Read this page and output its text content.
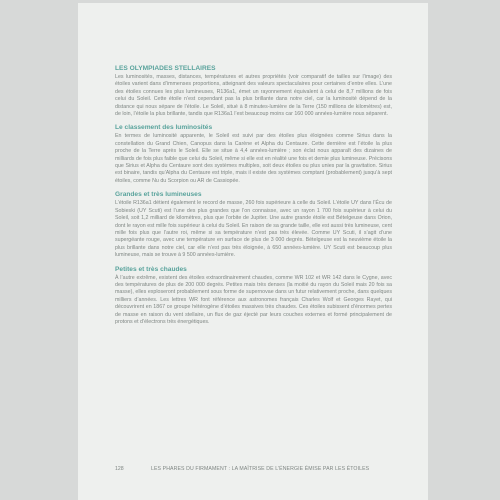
LES OLYMPIADES STELLAIRES

Les luminosités, masses, distances, températures et autres propriétés (voir comparatif de tailles sur l’image) des étoiles varient dans d’immenses proportions, atteignant des valeurs spectaculaires pour certaines d’entre elles. L’une des étoiles connues les plus lumineuses, R136a1, émet un rayonnement équivalent à celui de 8,7 millions de fois celui du Soleil. Cette étoile n’est cependant pas la plus brillante dans notre ciel, car la luminosité dépend de la distance qui nous sépare de l’étoile. Le Soleil, situé à 8 minutes-lumière de la Terre (150 millions de kilomètres) est, de loin, l’étoile la plus brillante, tandis que R136a1 l’est beaucoup moins car 160 000 années-lumière nous séparent.

Le classement des luminosités

En termes de luminosité apparente, le Soleil est suivi par des étoiles plus éloignées comme Sirius dans la constellation du Grand Chien, Canopus dans la Carène et Alpha du Centaure. Cette dernière est l’étoile la plus proche de la Terre après le Soleil. Elle se situe à 4,4 années-lumière ; son éclat nous apparaît des dizaines de milliards de fois plus faible que celui du Soleil, même si elle est en réalité une fois et demie plus lumineuse. Précisons que Sirius et Alpha du Centaure sont des systèmes multiples, soit deux étoiles ou plus unies par la gravitation. Sirius est binaire, tandis qu’Alpha du Centaure est triple, mais il existe des systèmes comptant (probablement) jusqu’à sept étoiles, comme Nu du Scorpion ou AR de Cassiopée.

Grandes et très lumineuses

L’étoile R136a1 détient également le record de masse, 260 fois supérieure à celle du Soleil. L’étoile UY dans l’Écu de Sobieski (UY Scuti) est l’une des plus grandes que l’on connaisse, avec un rayon 1 700 fois supérieur à celui du Soleil, soit 1,2 milliard de kilomètres, plus que l’orbite de Jupiter. Une autre grande étoile est Bételgeuse dans Orion, dont le rayon est mille fois supérieur à celui du Soleil. En raison de sa grande taille, elle est aussi très lumineuse, cent mille fois plus que l’autre roi, même si sa température n’est pas très élevée. Comme UY Scuti, il s’agit d’une supergéante rouge, avec une température en surface de plus de 3 000 degrés. Bételgeuse est la neuvième étoile la plus brillante dans notre ciel, car elle n’est pas très éloignée, à 650 années-lumière. UY Scuti est beaucoup plus lumineuse, mais se trouve à 9 500 années-lumière.

Petites et très chaudes

À l’autre extrême, existent des étoiles extraordinairement chaudes, comme WR 102 et WR 142 dans le Cygne, avec des températures de plus de 200 000 degrés. Petites mais très denses (la moitié du rayon du Soleil mais 20 fois sa masse), elles exploseront probablement sous forme de supernovae dans un futur relativement proche, dans quelques milliers d’années. Les lettres WR font référence aux astronomes français Charles Wolf et Georges Rayet, qui découvrirent en 1867 ce groupe hétérogène d’étoiles massives très chaudes. Ces étoiles subissent d’énormes pertes de masse en raison du vent stellaire, un flux de gaz éjecté par leurs couches externes et formé principalement de protons et d’électrons très énergétiques.

128	LES PHARES DU FIRMAMENT : LA MAÎTRISE DE L’ÉNERGIE ÉMISE PAR LES ÉTOILES
